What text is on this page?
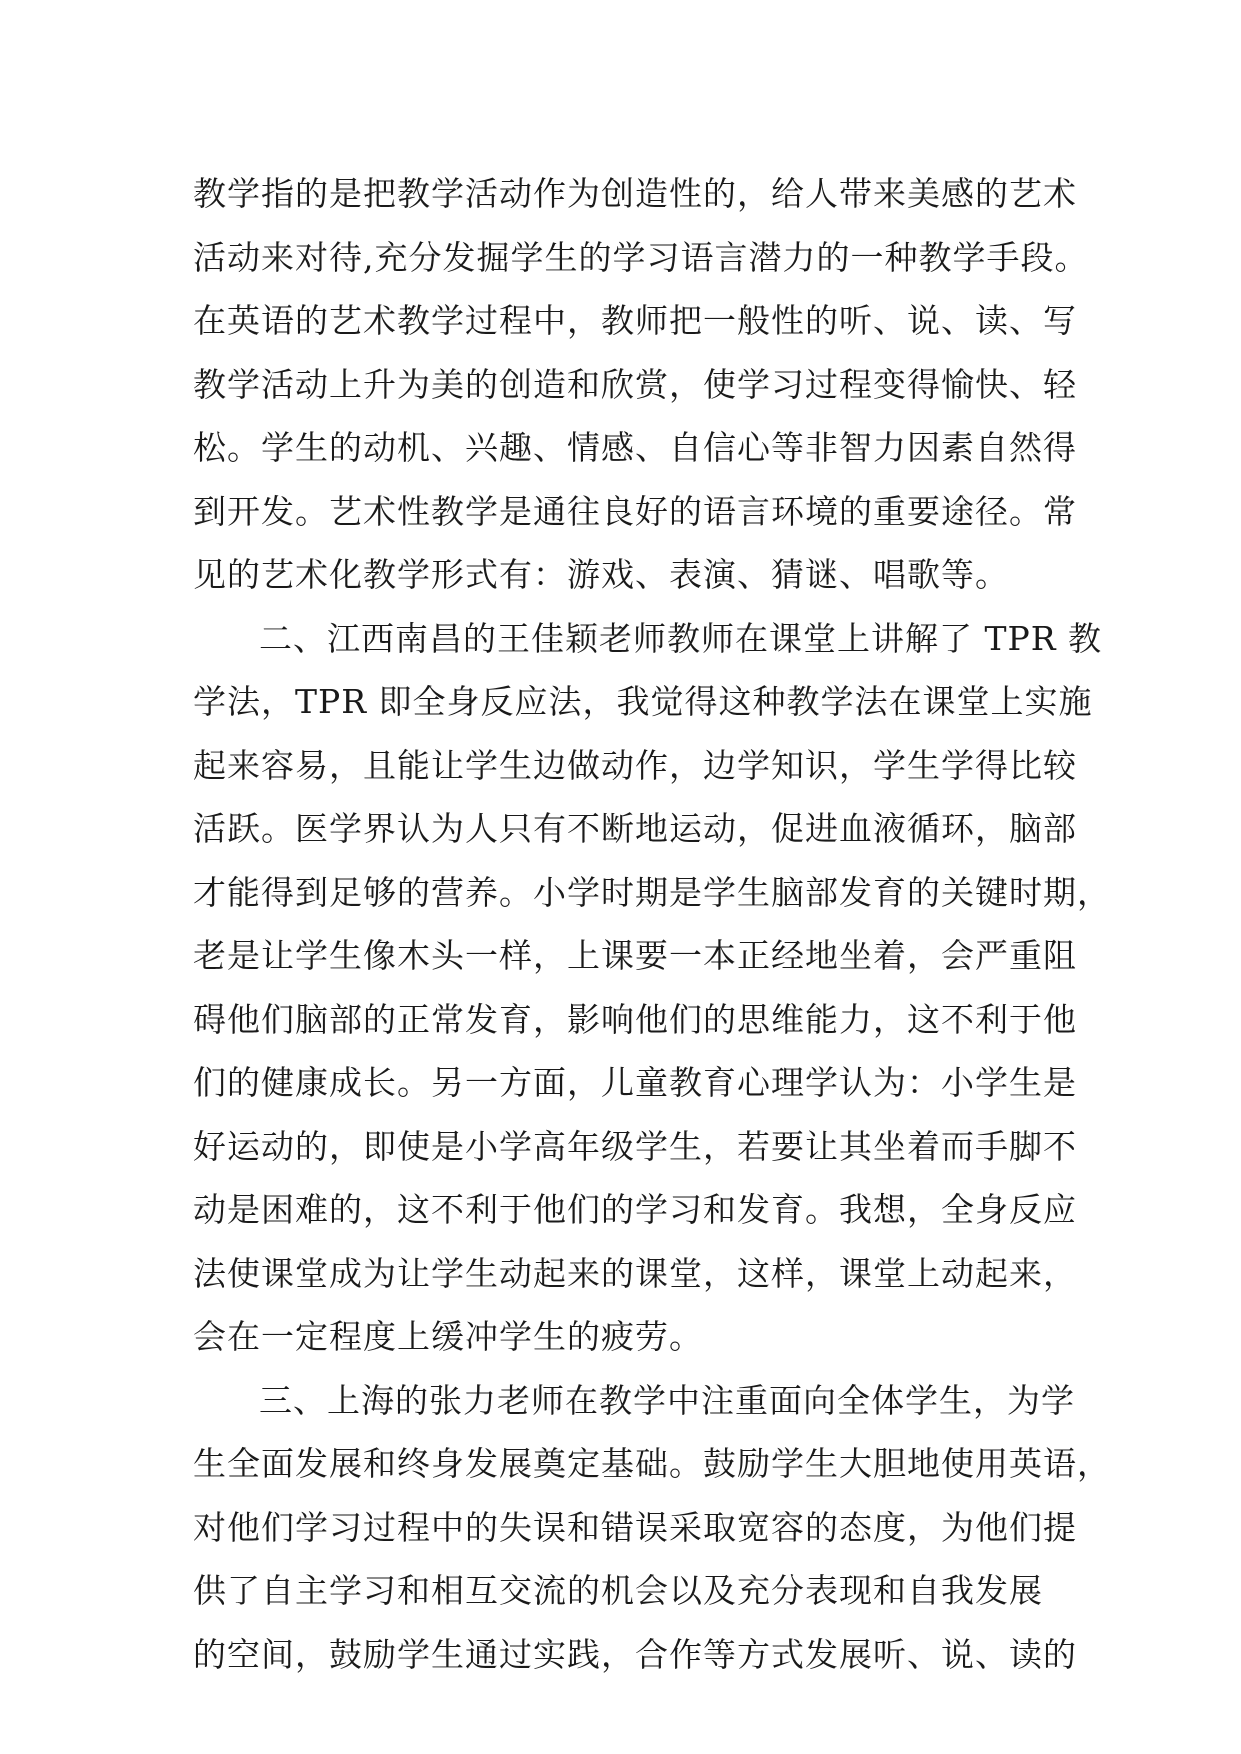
教学指的是把教学活动作为创造性的，给人带来美感的艺术
活动来对待,充分发掘学生的学习语言潜力的一种教学手段。
在英语的艺术教学过程中，教师把一般性的听、说、读、写
教学活动上升为美的创造和欣赏，使学习过程变得愉快、轻
松。学生的动机、兴趣、情感、自信心等非智力因素自然得
到开发。艺术性教学是通往良好的语言环境的重要途径。常
见的艺术化教学形式有：游戏、表演、猜谜、唱歌等。
二、江西南昌的王佳颖老师教师在课堂上讲解了 TPR 教
学法，TPR 即全身反应法，我觉得这种教学法在课堂上实施
起来容易，且能让学生边做动作，边学知识，学生学得比较
活跃。医学界认为人只有不断地运动，促进血液循环，脑部
才能得到足够的营养。小学时期是学生脑部发育的关键时期，
老是让学生像木头一样，上课要一本正经地坐着，会严重阻
碍他们脑部的正常发育，影响他们的思维能力，这不利于他
们的健康成长。另一方面，儿童教育心理学认为：小学生是
好运动的，即使是小学高年级学生，若要让其坐着而手脚不
动是困难的，这不利于他们的学习和发育。我想，全身反应
法使课堂成为让学生动起来的课堂，这样，课堂上动起来，
会在一定程度上缓冲学生的疲劳。
三、上海的张力老师在教学中注重面向全体学生，为学
生全面发展和终身发展奠定基础。鼓励学生大胆地使用英语，
对他们学习过程中的失误和错误采取宽容的态度，为他们提
供了自主学习和相互交流的机会以及充分表现和自我发展
的空间，鼓励学生通过实践，合作等方式发展听、说、读的
